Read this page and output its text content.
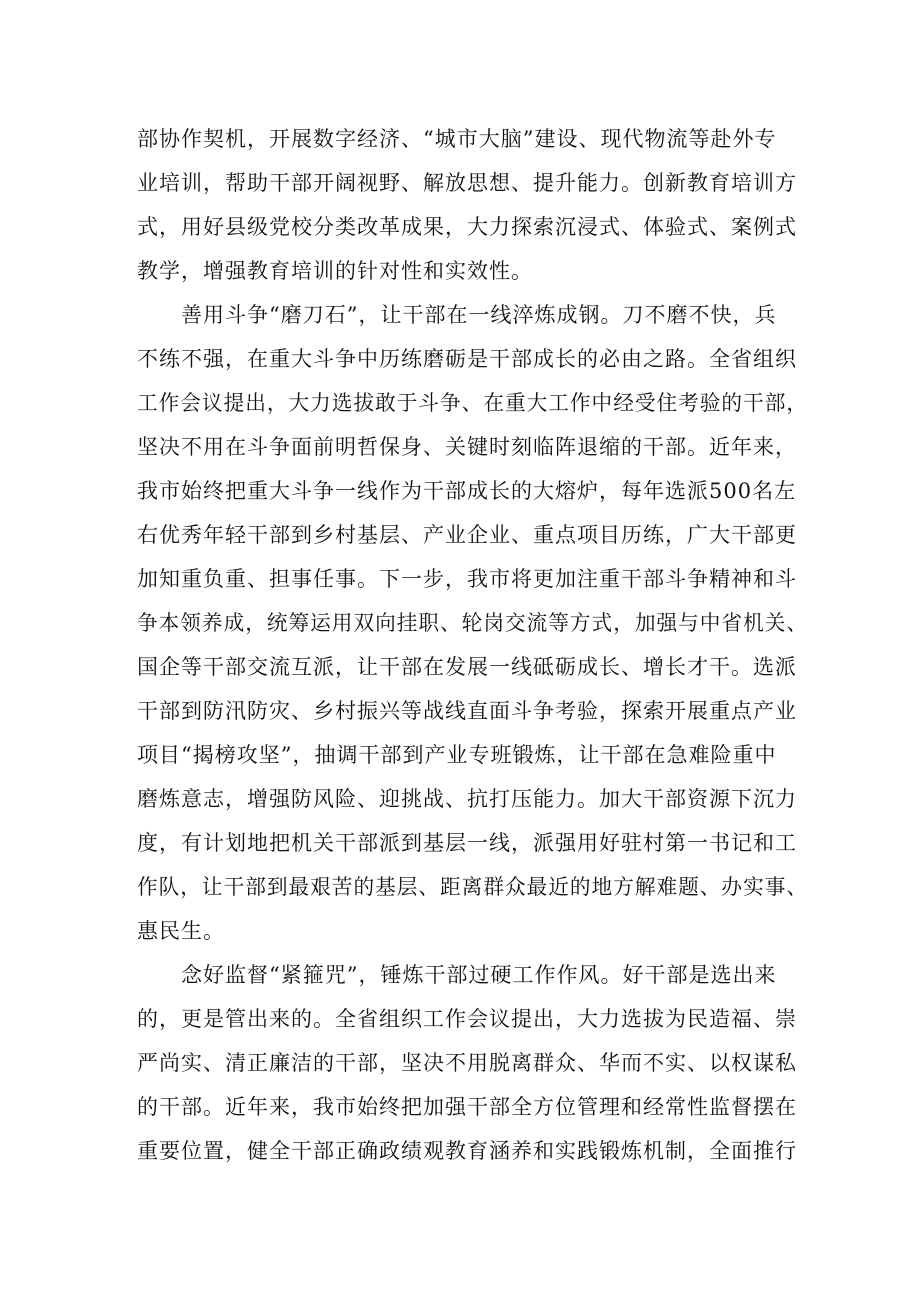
部协作契机，开展数字经济、“城市大脑”建设、现代物流等赴外专
业培训，帮助干部开阔视野、解放思想、提升能力。创新教育培训方
式，用好县级党校分类改革成果，大力探索沉浸式、体验式、案例式
教学，增强教育培训的针对性和实效性。
善用斗争“磨刀石”，让干部在一线淬炼成钢。刀不磨不快，兵
不练不强，在重大斗争中历练磨砺是干部成长的必由之路。全省组织
工作会议提出，大力选拔敢于斗争、在重大工作中经受住考验的干部，
坚决不用在斗争面前明哲保身、关键时刻临阵退缩的干部。近年来，
我市始终把重大斗争一线作为干部成长的大熔炉，每年选派500名左
右优秀年轻干部到乡村基层、产业企业、重点项目历练，广大干部更
加知重负重、担事任事。下一步，我市将更加注重干部斗争精神和斗
争本领养成，统筹运用双向挂职、轮岗交流等方式，加强与中省机关、
国企等干部交流互派，让干部在发展一线砥砺成长、增长才干。选派
干部到防汛防灾、乡村振兴等战线直面斗争考验，探索开展重点产业
项目“揭榜攻坚”，抽调干部到产业专班锻炼，让干部在急难险重中
磨炼意志，增强防风险、迎挑战、抗打压能力。加大干部资源下沉力
度，有计划地把机关干部派到基层一线，派强用好驻村第一书记和工
作队，让干部到最艰苦的基层、距离群众最近的地方解难题、办实事、
惠民生。
念好监督“紧箍咒”，锤炼干部过硬工作作风。好干部是选出来
的，更是管出来的。全省组织工作会议提出，大力选拔为民造福、崇
严尚实、清正廉洁的干部，坚决不用脱离群众、华而不实、以权谋私
的干部。近年来，我市始终把加强干部全方位管理和经常性监督摆在
重要位置，健全干部正确政绩观教育涵养和实践锻炼机制，全面推行
